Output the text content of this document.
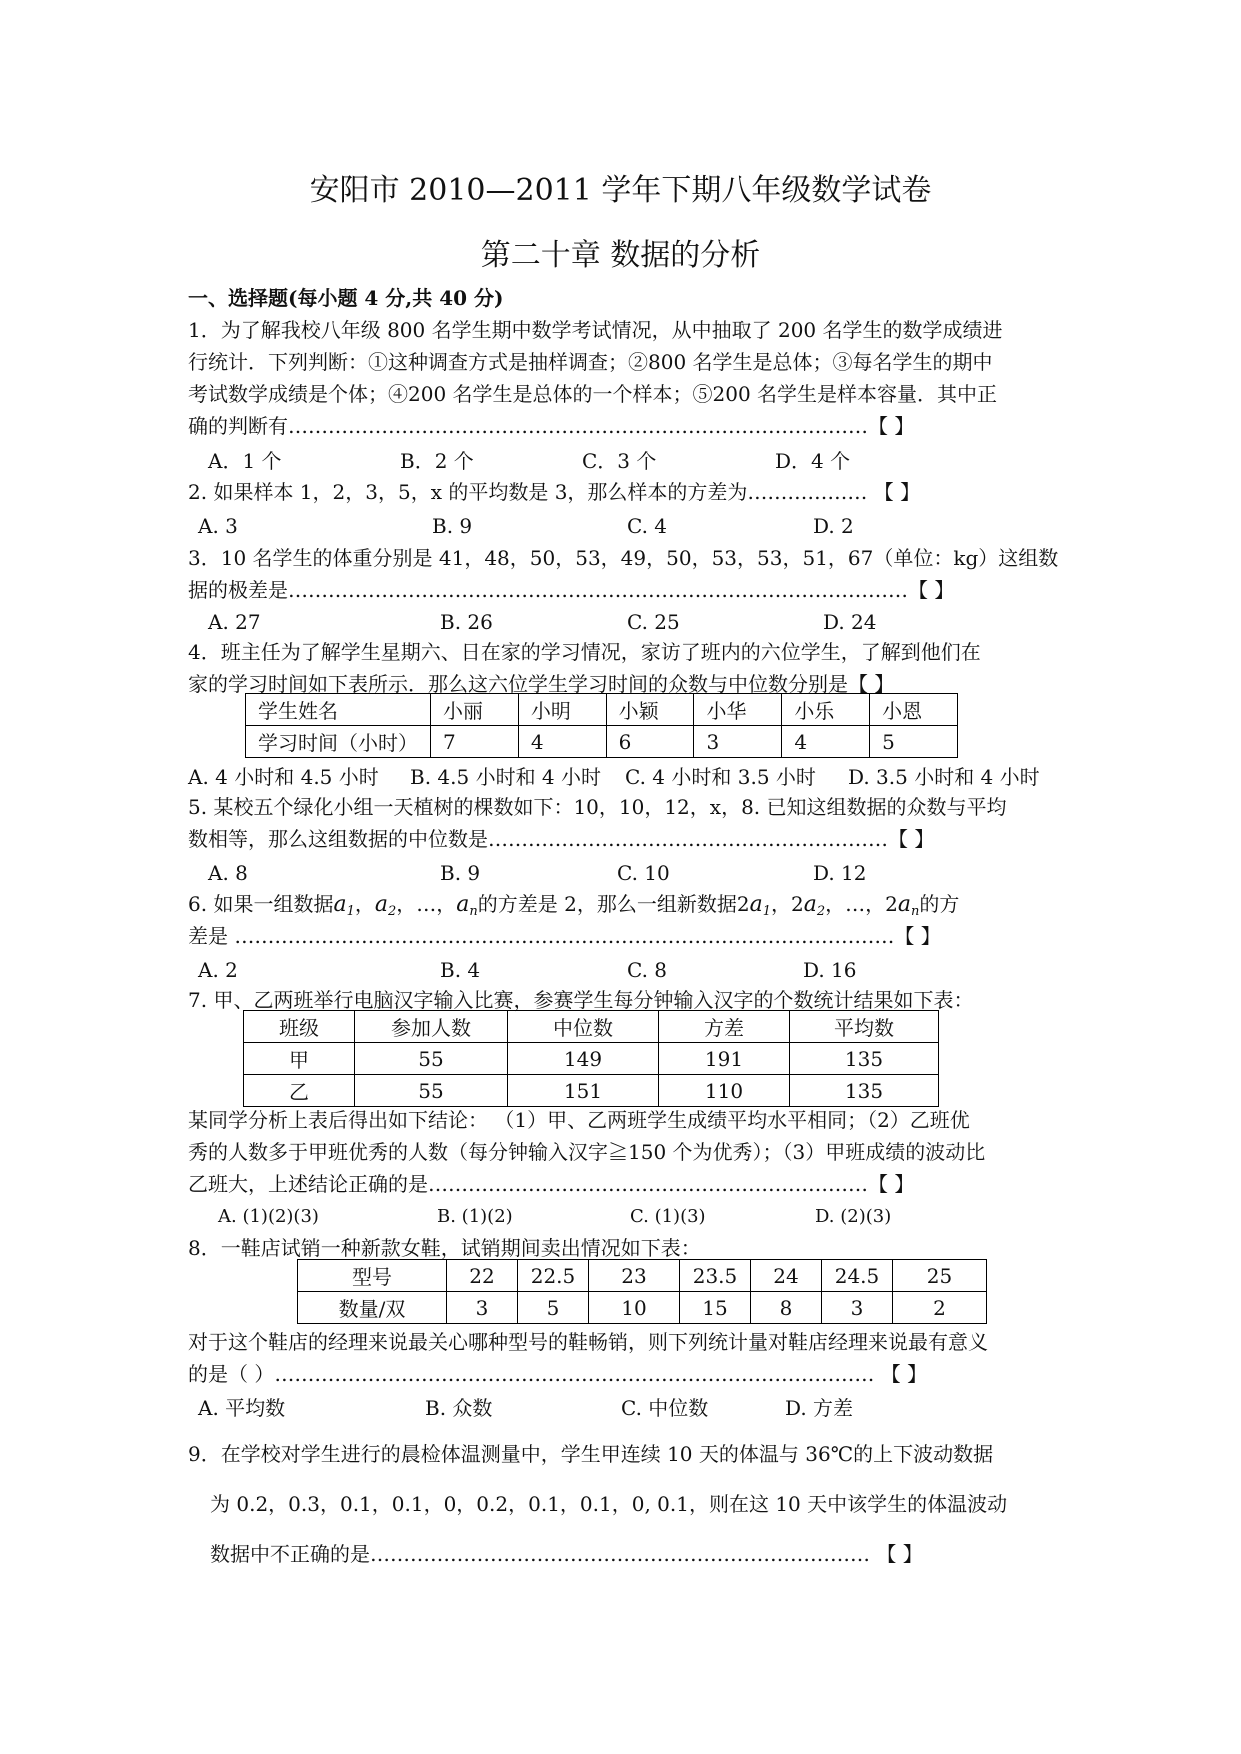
安阳市 2010—2011 学年下期八年级数学试卷
第二十章 数据的分析
一、选择题(每小题 4 分,共 40 分)
1．为了解我校八年级 800 名学生期中数学考试情况，从中抽取了 200 名学生的数学成绩进
行统计．下列判断：①这种调查方式是抽样调查；②800 名学生是总体；③每名学生的期中
考试数学成绩是个体；④200 名学生是总体的一个样本；⑤200 名学生是样本容量．其中正
确的判断有……………………………………………………………………………【 】
A．1 个	B．2 个	C．3 个	D．4 个
2. 如果样本 1，2，3，5，x 的平均数是 3，那么样本的方差为……………… 【 】
A. 3	B. 9	C. 4	D. 2
3．10 名学生的体重分别是 41，48，50，53，49，50，53，53，51，67（单位：kg）这组数
据的极差是…………………………………………………………………………………【 】
A. 27	B. 26	C. 25	D. 24
4．班主任为了解学生星期六、日在家的学习情况，家访了班内的六位学生，了解到他们在
家的学习时间如下表所示．那么这六位学生学习时间的众数与中位数分别是【 】
学生姓名	小丽	小明	小颖	小华	小乐	小恩
学习时间（小时）	7	4	6	3	4	5
A. 4 小时和 4.5 小时 B. 4.5 小时和 4 小时 C. 4 小时和 3.5 小时 D. 3.5 小时和 4 小时
5. 某校五个绿化小组一天植树的棵数如下：10，10，12，x，8. 已知这组数据的众数与平均
数相等，那么这组数据的中位数是……………………………………………………【 】
A. 8	B. 9	C. 10	D. 12
6. 如果一组数据$a_1$，$a_2$，…，$a_n$的方差是 2，那么一组新数据$2a_1$，$2a_2$，…，$2a_n$的方
差是 ………………………………………………………………………………………【 】
A. 2	B. 4	C. 8	D. 16
7. 甲、乙两班举行电脑汉字输入比赛，参赛学生每分钟输入汉字的个数统计结果如下表：
班级	参加人数	中位数	方差	平均数
甲	55	149	191	135
乙	55	151	110	135
某同学分析上表后得出如下结论： （1）甲、乙两班学生成绩平均水平相同；（2）乙班优
秀的人数多于甲班优秀的人数（每分钟输入汉字≧150 个为优秀）；（3）甲班成绩的波动比
乙班大，上述结论正确的是…………………………………………………………【 】
A. (1)(2)(3)	B. (1)(2)	C. (1)(3)	D. (2)(3)
8．一鞋店试销一种新款女鞋，试销期间卖出情况如下表：
型号	22	22.5	23	23.5	24	24.5	25
数量/双	3	5	10	15	8	3	2
对于这个鞋店的经理来说最关心哪种型号的鞋畅销，则下列统计量对鞋店经理来说最有意义
的是（ ）……………………………………………………………………………… 【 】
A. 平均数	B. 众数	C. 中位数	D. 方差
9．在学校对学生进行的晨检体温测量中，学生甲连续 10 天的体温与 36℃的上下波动数据
为 0.2，0.3，0.1，0.1，0，0.2，0.1，0.1，0, 0.1，则在这 10 天中该学生的体温波动
数据中不正确的是………………………………………………………………… 【 】
